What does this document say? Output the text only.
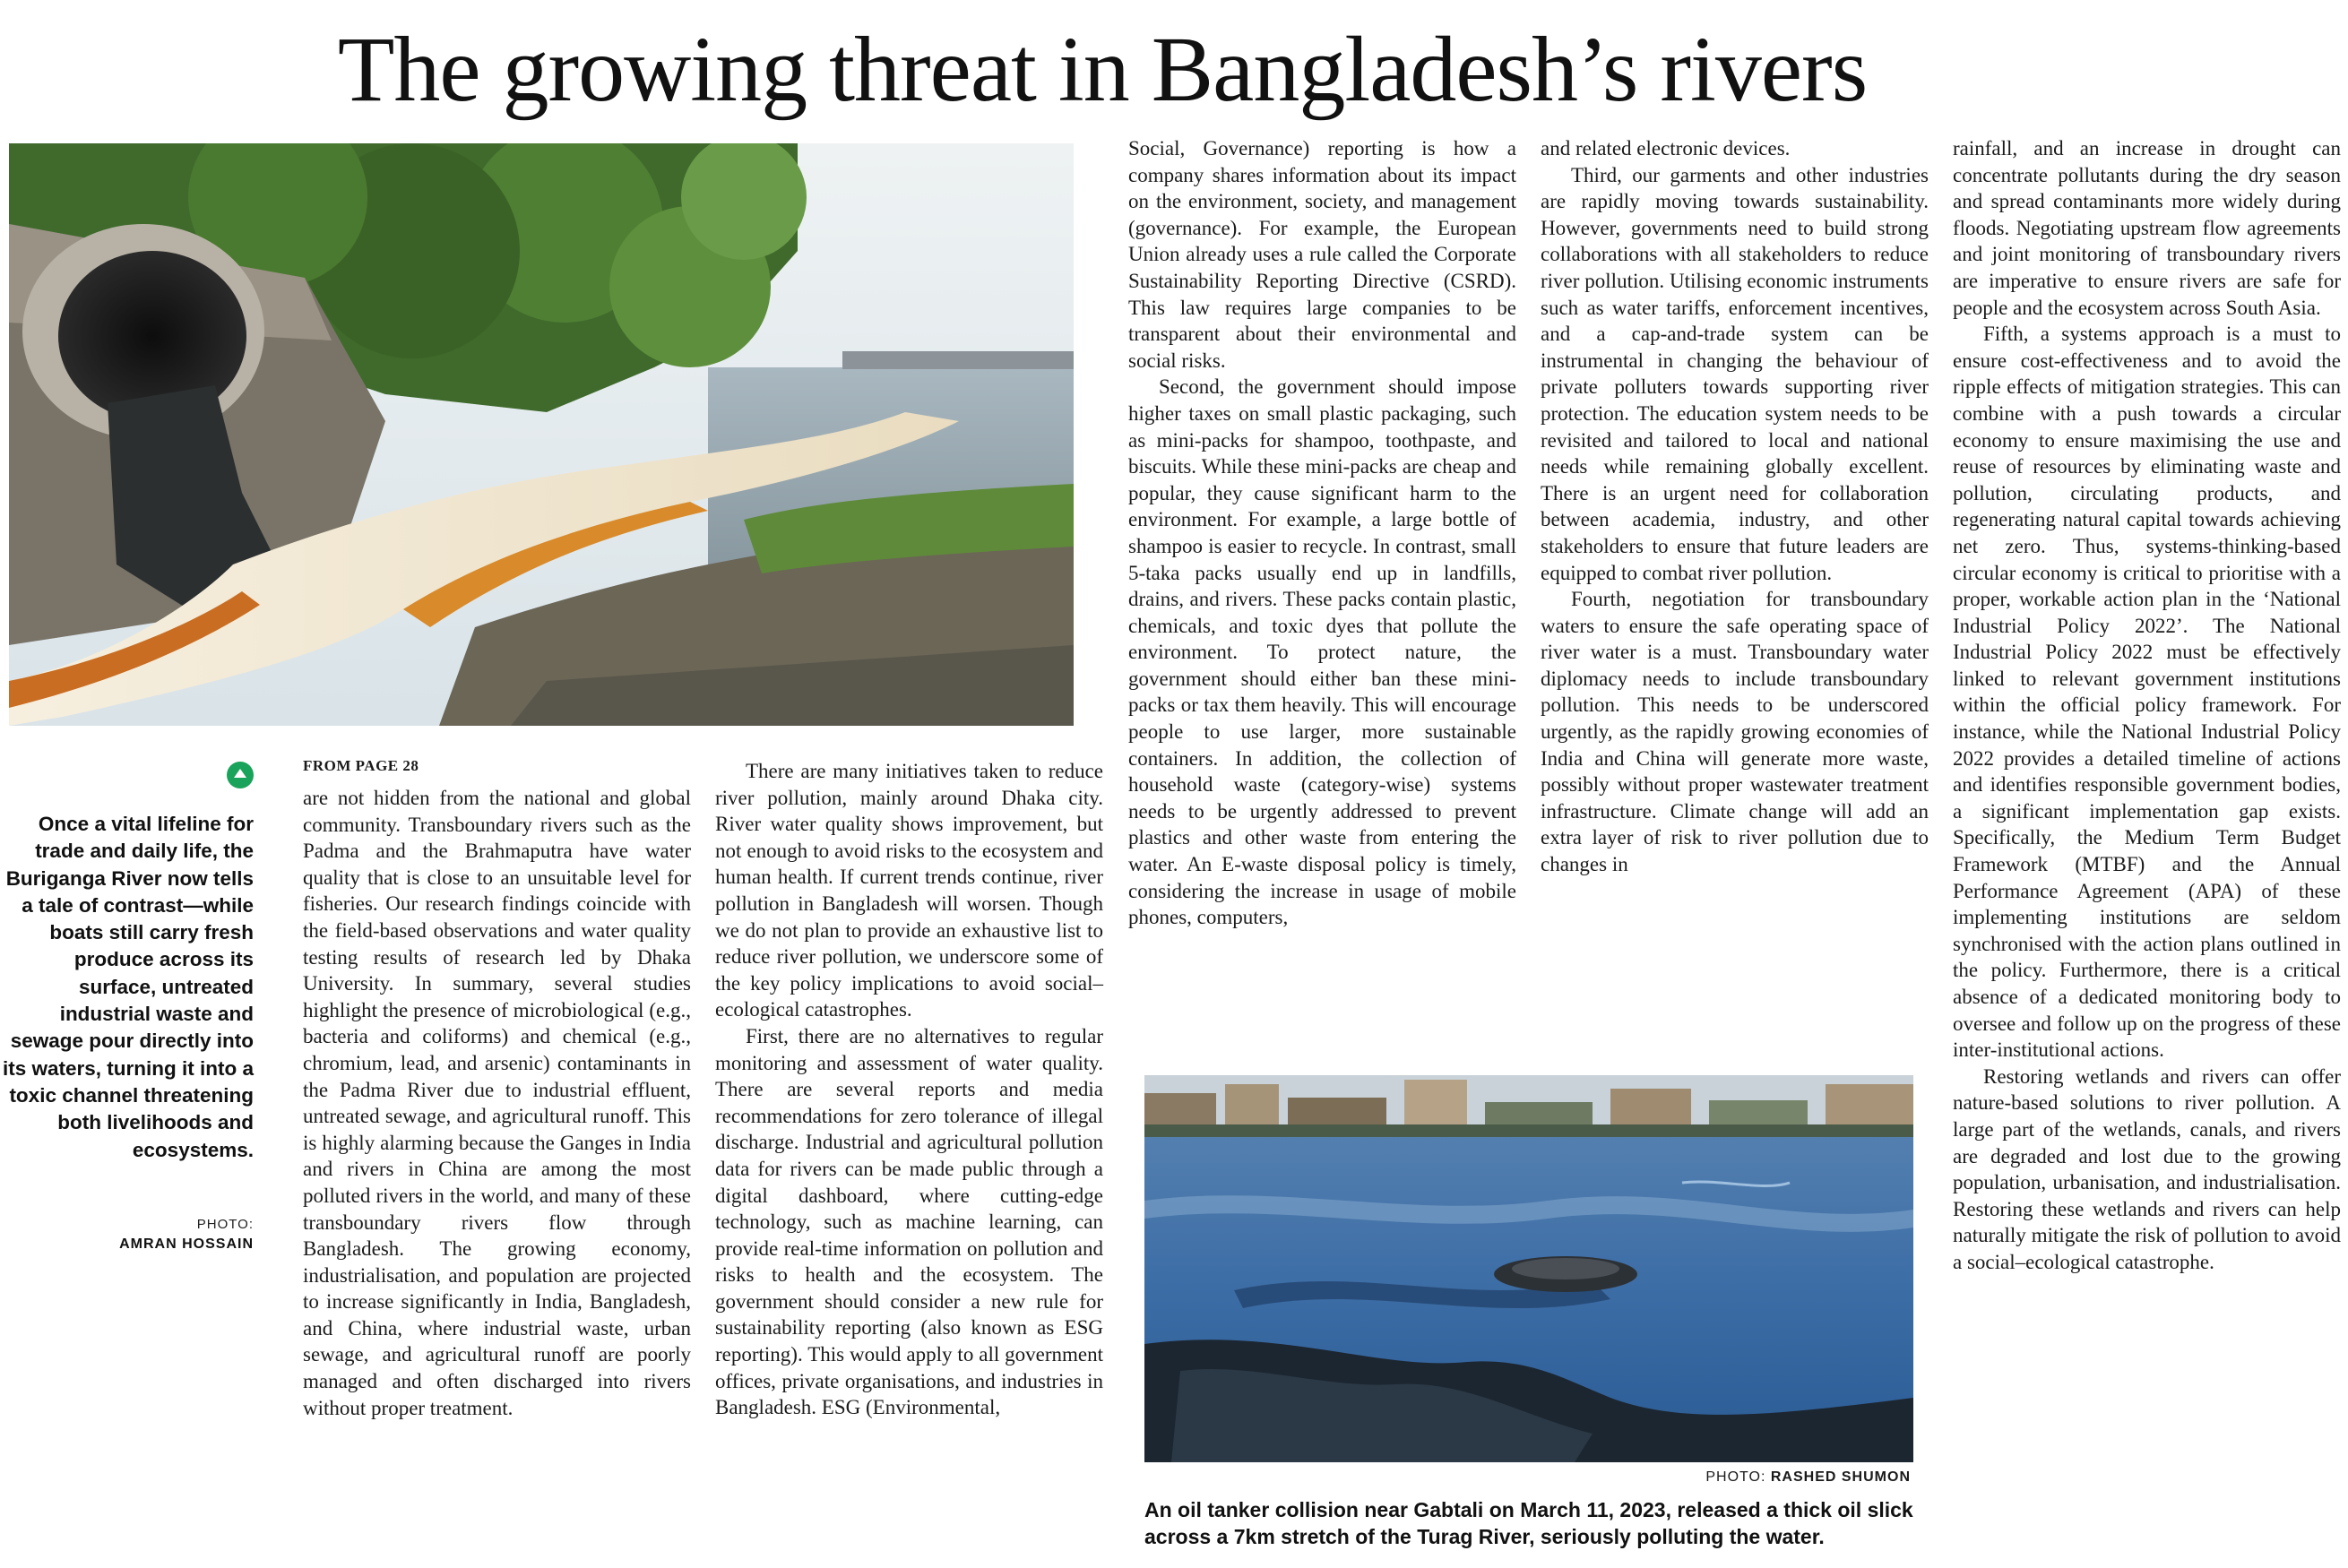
The growing threat in Bangladesh’s rivers
Once a vital lifeline for trade and daily life, the Buriganga River now tells a tale of contrast—while boats still carry fresh produce across its surface, untreated industrial waste and sewage pour directly into its waters, turning it into a toxic channel threatening both livelihoods and ecosystems.
PHOTO:
AMRAN HOSSAIN
FROM PAGE 28

are not hidden from the national and global community. Transboundary rivers such as the Padma and the Brahmaputra have water quality that is close to an unsuitable level for fisheries. Our research findings coincide with the field-based observations and water quality testing results of research led by Dhaka University. In summary, several studies highlight the presence of microbiological (e.g., bacteria and coliforms) and chemical (e.g., chromium, lead, and arsenic) contaminants in the Padma River due to industrial effluent, untreated sewage, and agricultural runoff. This is highly alarming because the Ganges in India and rivers in China are among the most polluted rivers in the world, and many of these transboundary rivers flow through Bangladesh. The growing economy, industrialisation, and population are projected to increase significantly in India, Bangladesh, and China, where industrial waste, urban sewage, and agricultural runoff are poorly managed and often discharged into rivers without proper treatment.

There are many initiatives taken to reduce river pollution, mainly around Dhaka city. River water quality shows improvement, but not enough to avoid risks to the ecosystem and human health. If current trends continue, river pollution in Bangladesh will worsen. Though we do not plan to provide an exhaustive list to reduce river pollution, we underscore some of the key policy implications to avoid social–ecological catastrophes.

First, there are no alternatives to regular monitoring and assessment of water quality. There are several reports and media recommendations for zero tolerance of illegal discharge. Industrial and agricultural pollution data for rivers can be made public through a digital dashboard, where cutting-edge technology, such as machine learning, can provide real-time information on pollution and risks to health and the ecosystem. The government should consider a new rule for sustainability reporting (also known as ESG reporting). This would apply to all government offices, private organisations, and industries in Bangladesh. ESG (Environmental,

Social, Governance) reporting is how a company shares information about its impact on the environment, society, and management (governance). For example, the European Union already uses a rule called the Corporate Sustainability Reporting Directive (CSRD). This law requires large companies to be transparent about their environmental and social risks.

Second, the government should impose higher taxes on small plastic packaging, such as mini-packs for shampoo, toothpaste, and biscuits. While these mini-packs are cheap and popular, they cause significant harm to the environment. For example, a large bottle of shampoo is easier to recycle. In contrast, small 5-taka packs usually end up in landfills, drains, and rivers. These packs contain plastic, chemicals, and toxic dyes that pollute the environment. To protect nature, the government should either ban these mini-packs or tax them heavily. This will encourage people to use larger, more sustainable containers. In addition, the collection of household waste (category-wise) systems needs to be urgently addressed to prevent plastics and other waste from entering the water. An E-waste disposal policy is timely, considering the increase in usage of mobile phones, computers,

and related electronic devices.

Third, our garments and other industries are rapidly moving towards sustainability. However, governments need to build strong collaborations with all stakeholders to reduce river pollution. Utilising economic instruments such as water tariffs, enforcement incentives, and a cap-and-trade system can be instrumental in changing the behaviour of private polluters towards supporting river protection. The education system needs to be revisited and tailored to local and national needs while remaining globally excellent. There is an urgent need for collaboration between academia, industry, and other stakeholders to ensure that future leaders are equipped to combat river pollution.

Fourth, negotiation for transboundary waters to ensure the safe operating space of river water is a must. Transboundary water diplomacy needs to include transboundary pollution. This needs to be underscored urgently, as the rapidly growing economies of India and China will generate more waste, possibly without proper wastewater treatment infrastructure. Climate change will add an extra layer of risk to river pollution due to changes in

rainfall, and an increase in drought can concentrate pollutants during the dry season and spread contaminants more widely during floods. Negotiating upstream flow agreements and joint monitoring of transboundary rivers are imperative to ensure rivers are safe for people and the ecosystem across South Asia.

Fifth, a systems approach is a must to ensure cost-effectiveness and to avoid the ripple effects of mitigation strategies. This can combine with a push towards a circular economy to ensure maximising the use and reuse of resources by eliminating waste and pollution, circulating products, and regenerating natural capital towards achieving net zero. Thus, systems-thinking-based circular economy is critical to prioritise with a proper, workable action plan in the ‘National Industrial Policy 2022’. The National Industrial Policy 2022 must be effectively linked to relevant government institutions within the official policy framework. For instance, while the National Industrial Policy 2022 provides a detailed timeline of actions and identifies responsible government bodies, a significant implementation gap exists. Specifically, the Medium Term Budget Framework (MTBF) and the Annual Performance Agreement (APA) of these implementing institutions are seldom synchronised with the action plans outlined in the policy. Furthermore, there is a critical absence of a dedicated monitoring body to oversee and follow up on the progress of these inter-institutional actions.

Restoring wetlands and rivers can offer nature-based solutions to river pollution. A large part of the wetlands, canals, and rivers are degraded and lost due to the growing population, urbanisation, and industrialisation. Restoring these wetlands and rivers can help naturally mitigate the risk of pollution to avoid a social–ecological catastrophe.

PHOTO: RASHED SHUMON
An oil tanker collision near Gabtali on March 11, 2023, released a thick oil slick across a 7km stretch of the Turag River, seriously polluting the water.
